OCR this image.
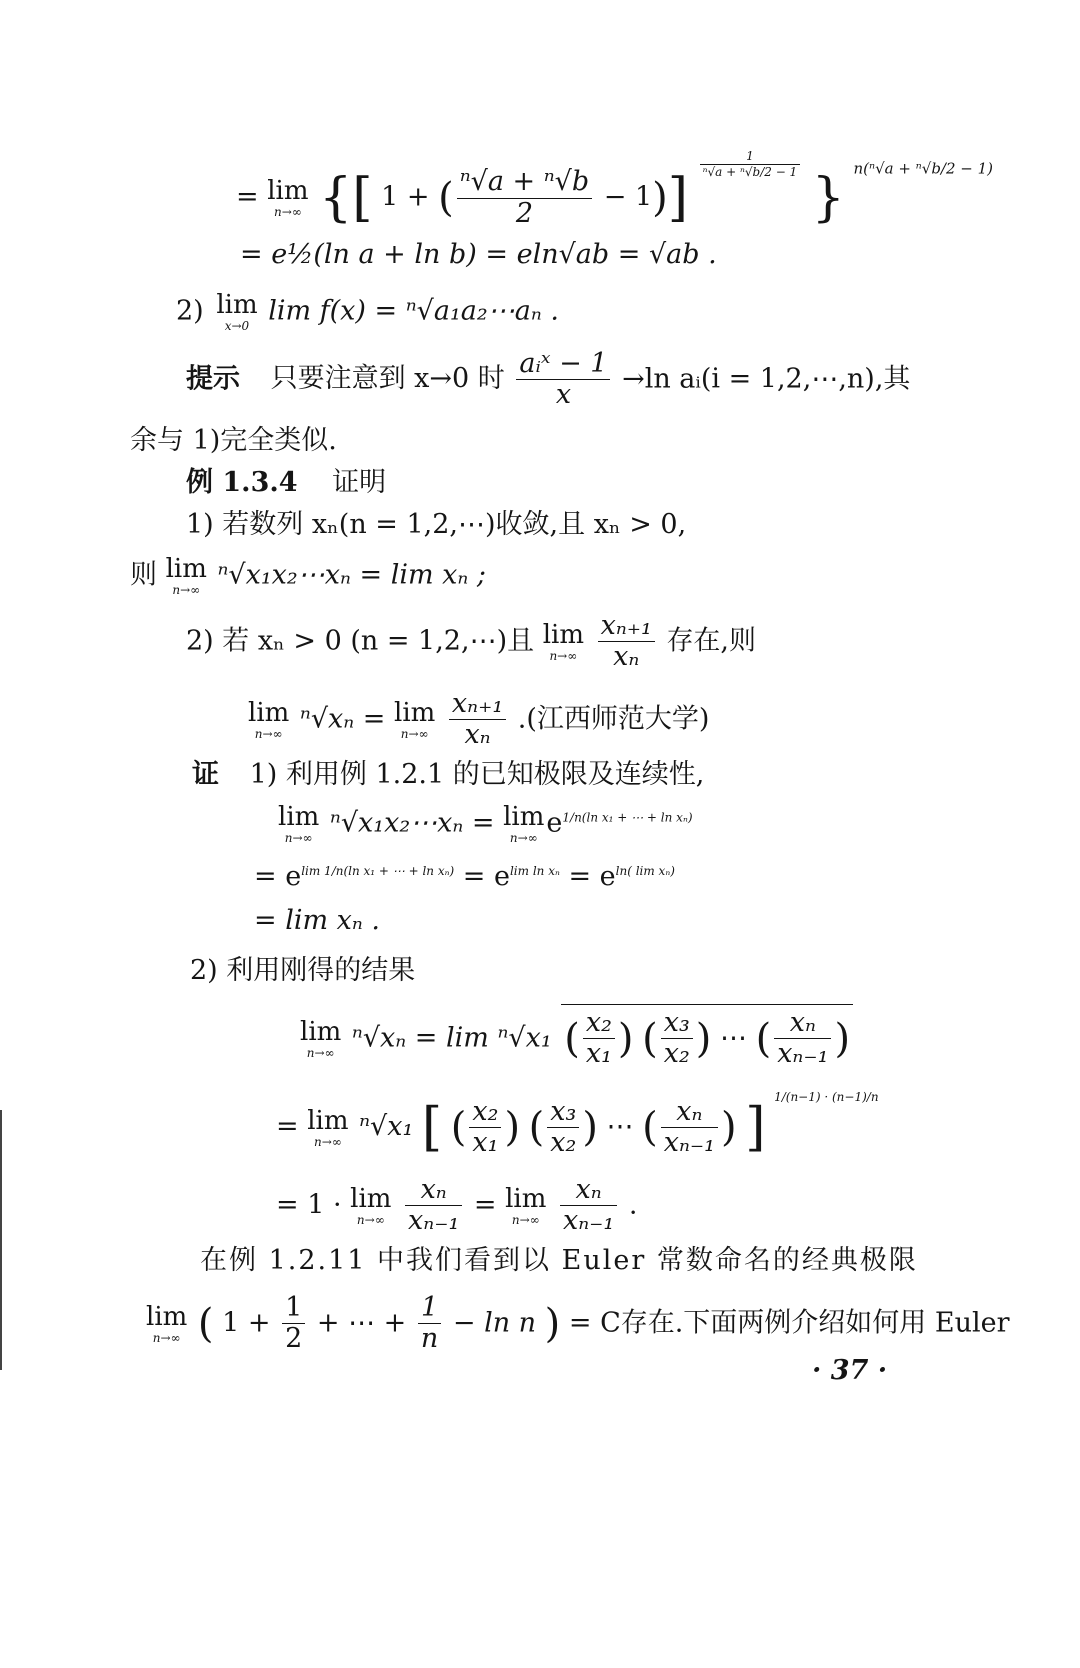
= lim
n→∞ {[ 1 + ( $\frac{\text{ⁿ√a + ⁿ√b}}{2} - 1$)]
$\frac{1}{\text{ⁿ√a + ⁿ√b/2 − 1}}$
} $^{n(^n√a + ^n√b/2 - 1)}$
= e½(ln a + ln b) = eln√ab = √ab .
2) lim
x→0 lim f(x) = ⁿ√a₁a₂⋯aₙ .
提示 只要注意到 x→0 时 $\frac{\text{aᵢˣ − 1}}{x} \to\ln$ aᵢ(i = 1,2,⋯,n),其
余与 1)完全类似.
例 1.3.4 证明
1) 若数列 xₙ(n = 1,2,⋯)收敛,且 xₙ > 0,
则 lim
n→∞ ⁿ√x₁x₂⋯xₙ = lim xₙ ;
2) 若 xₙ > 0 (n = 1,2,⋯)且 lim
n→∞
$\frac{\text{xₙ₊₁}}{\text{xₙ}}$ 存在,则
lim
n→∞ ⁿ√xₙ = lim
n→∞
$\frac{\text{xₙ₊₁}}{\text{xₙ}}$ .(江西师范大学)
证 1) 利用例 1.2.1 的已知极限及连续性,
lim
n→∞ ⁿ√x₁x₂⋯xₙ = lim
n→∞ $e^{1/n(ln x_1 + \cdots + ln x_n)}$
= $e^{lim 1/n(ln x_1 + \cdots + ln x_n)} = e^{lim ln x_n} = e^{ln( lim x_n)}$
= lim xₙ .
2) 利用刚得的结果
lim
n→∞ ⁿ√xₙ = lim ⁿ√x₁ ( $\frac{\text{x₂}}{\text{x₁}}$ ) ( $\frac{\text{x₃}}{\text{x₂}}$ ) ⋯ ( $\frac{\text{xₙ}}{\text{xₙ₋₁}}$ )
= lim
n→∞ ⁿ√x₁ [ ( $\frac{\text{x₂}}{\text{x₁}}$ ) ( $\frac{\text{x₃}}{\text{x₂}}$ ) ⋯ ( $\frac{\text{xₙ}}{\text{xₙ₋₁}}$ ) ] $^{1/(n-1) \cdot (n-1)/n}$
= 1 · lim
n→∞
$\frac{\text{xₙ}}{\text{xₙ₋₁}} = \lim$
n→∞
$\frac{\text{xₙ}}{\text{xₙ₋₁}}$ .
在例 1.2.11 中我们看到以 Euler 常数命名的经典极限
lim
n→∞ ( $1 + \frac{1}{2}$ + ⋯ + $\frac{1}{n} - \ln n$ ) = C存在.下面两例介绍如何用 Euler
· 37 ·
